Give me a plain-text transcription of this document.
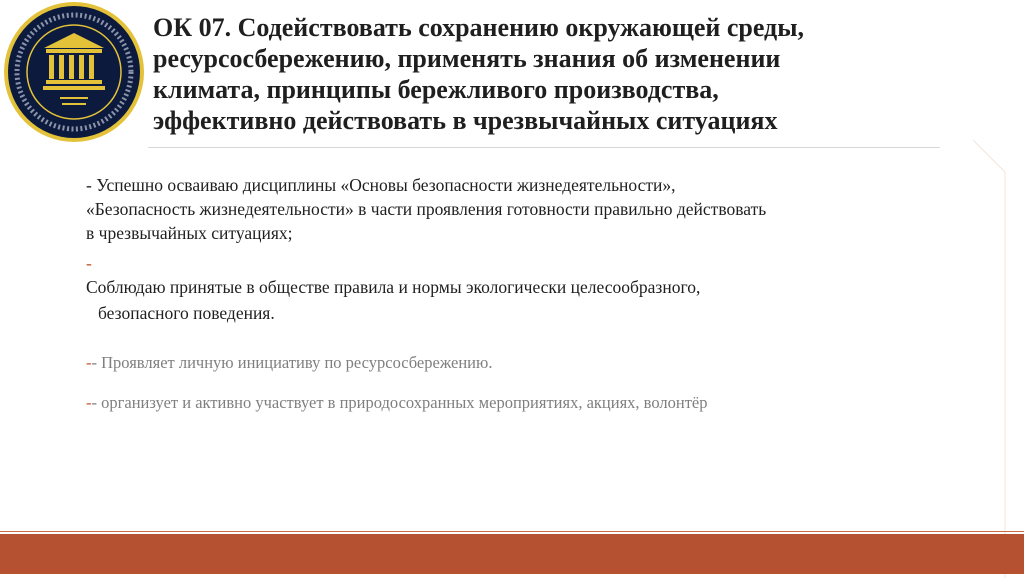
ОК 07. Содействовать сохранению окружающей среды,
ресурсосбережению, применять знания об изменении
климата, принципы бережливого производства,
эффективно действовать в чрезвычайных ситуациях

- Успешно осваиваю дисциплины «Основы безопасности жизнедеятельности»,
«Безопасность жизнедеятельности» в части проявления готовности правильно действовать
в чрезвычайных ситуациях;

-
Соблюдаю принятые в обществе правила и нормы экологически целесообразного,
безопасного поведения.

-- Проявляет личную инициативу по ресурсосбережению.

-- организует и активно участвует в природосохранных мероприятиях, акциях, волонтёр
